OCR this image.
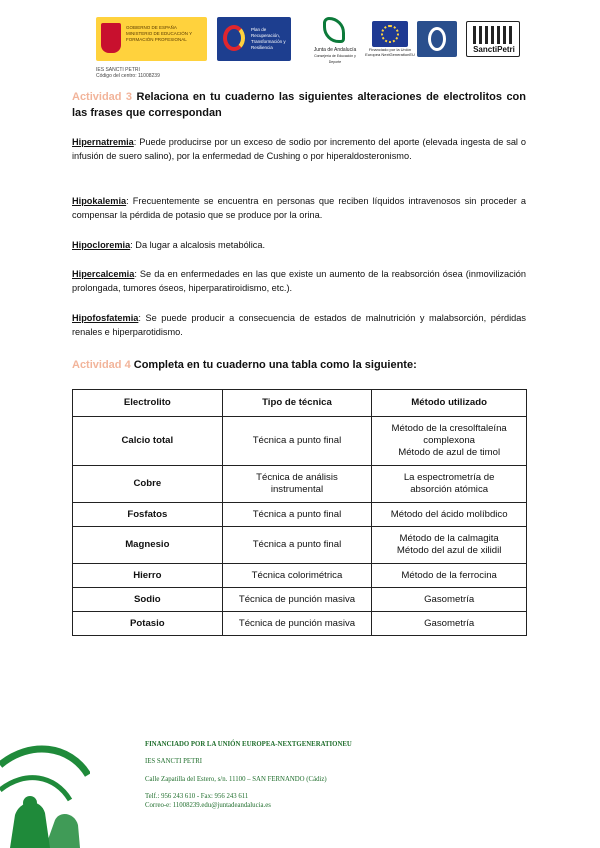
GOBIERNO DE ESPAÑA MINISTERIO DE EDUCACIÓN Y FORMACIÓN PROFESIONAL
Plan de Recuperación, Transformación y Resiliencia	Junta de Andalucía
Consejería de Educación y Deporte
Financiado por la Unión Europea NextGenerationEU
SanctiPetri
IES SANCTI PETRI
Código del centro: 11008239
Actividad 3 Relaciona en tu cuaderno las siguientes alteraciones de electrolitos con las frases que correspondan
Hipernatremia: Puede producirse por un exceso de sodio por incremento del aporte (elevada ingesta de sal o infusión de suero salino), por la enfermedad de Cushing o por hiperaldosteronismo.
Hipokalemia: Frecuentemente se encuentra en personas que reciben líquidos intravenosos sin proceder a compensar la pérdida de potasio que se produce por la orina.
Hipocloremia: Da lugar a alcalosis metabólica.
Hipercalcemia: Se da en enfermedades en las que existe un aumento de la reabsorción ósea (inmovilización prolongada, tumores óseos, hiperparatiroidismo, etc.).
Hipofosfatemia: Se puede producir a consecuencia de estados de malnutrición y malabsorción, pérdidas renales e hiperparotidismo.
Actividad 4 Completa en tu cuaderno una tabla como la siguiente:
Electrolito	Tipo de técnica	Método utilizado
Calcio total	Técnica a punto final	Método de la cresolftaleína
complexona
Método de azul de timol
Cobre	Técnica de análisis
instrumental	La espectrometría de
absorción atómica
Fosfatos	Técnica a punto final	Método del ácido molíbdico
Magnesio	Técnica a punto final	Método de la calmagita
Método del azul de xilidil
Hierro	Técnica colorimétrica	Método de la ferrocina
Sodio	Técnica de punción masiva	Gasometría
Potasio	Técnica de punción masiva	Gasometría
FINANCIADO POR LA UNIÓN EUROPEA-NEXTGENERATIONEU
IES SANCTI PETRI
Calle Zapatilla del Estero, s/n. 11100 – SAN FERNANDO (Cádiz)
Telf.: 956 243 610 - Fax: 956 243 611
Correo-e: 11008239.edu@juntadeandalucia.es
